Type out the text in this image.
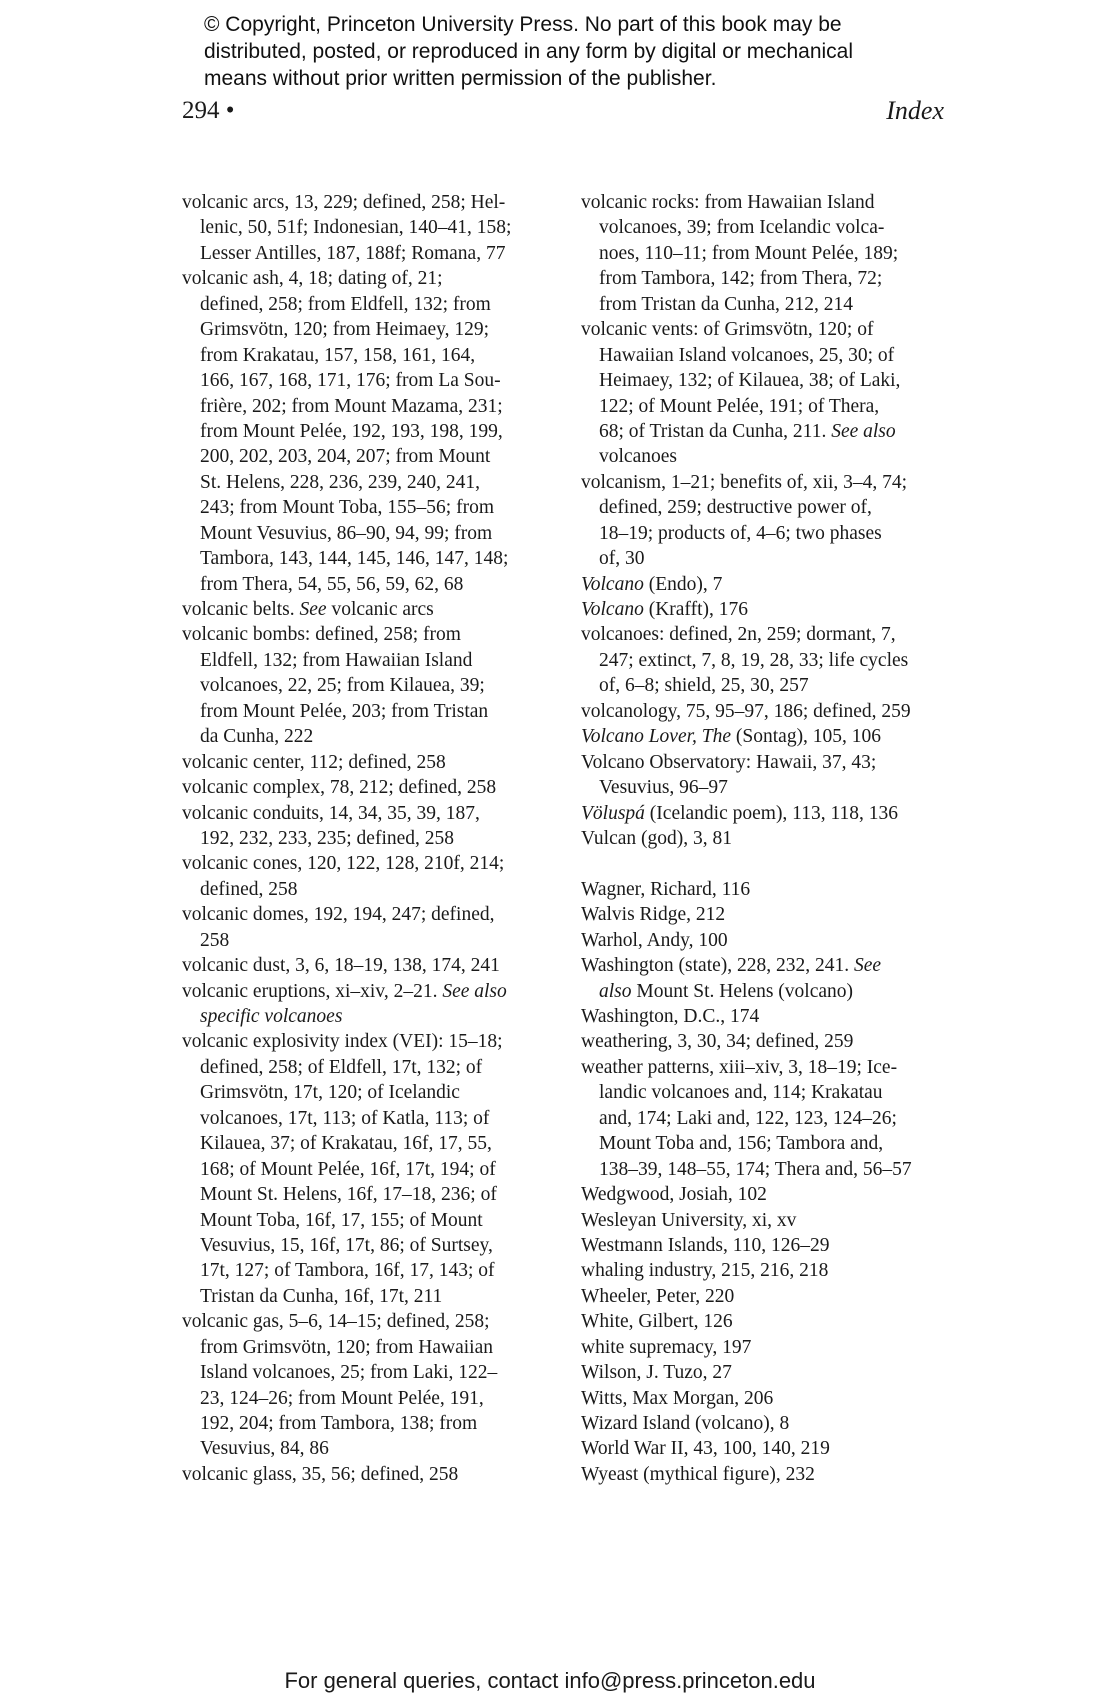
© Copyright, Princeton University Press. No part of this book may be
distributed, posted, or reproduced in any form by digital or mechanical
means without prior written permission of the publisher.
294 •	Index
volcanic arcs, 13, 229; defined, 258; Hel-
lenic, 50, 51f; Indonesian, 140–41, 158;
Lesser Antilles, 187, 188f; Romana, 77
volcanic ash, 4, 18; dating of, 21;
defined, 258; from Eldfell, 132; from
Grimsvötn, 120; from Heimaey, 129;
from Krakatau, 157, 158, 161, 164,
166, 167, 168, 171, 176; from La Sou-
frière, 202; from Mount Mazama, 231;
from Mount Pelée, 192, 193, 198, 199,
200, 202, 203, 204, 207; from Mount
St. Helens, 228, 236, 239, 240, 241,
243; from Mount Toba, 155–56; from
Mount Vesuvius, 86–90, 94, 99; from
Tambora, 143, 144, 145, 146, 147, 148;
from Thera, 54, 55, 56, 59, 62, 68
volcanic belts. See volcanic arcs
volcanic bombs: defined, 258; from
Eldfell, 132; from Hawaiian Island
volcanoes, 22, 25; from Kilauea, 39;
from Mount Pelée, 203; from Tristan
da Cunha, 222
volcanic center, 112; defined, 258
volcanic complex, 78, 212; defined, 258
volcanic conduits, 14, 34, 35, 39, 187,
192, 232, 233, 235; defined, 258
volcanic cones, 120, 122, 128, 210f, 214;
defined, 258
volcanic domes, 192, 194, 247; defined,
258
volcanic dust, 3, 6, 18–19, 138, 174, 241
volcanic eruptions, xi–xiv, 2–21. See also
specific volcanoes
volcanic explosivity index (VEI): 15–18;
defined, 258; of Eldfell, 17t, 132; of
Grimsvötn, 17t, 120; of Icelandic
volcanoes, 17t, 113; of Katla, 113; of
Kilauea, 37; of Krakatau, 16f, 17, 55,
168; of Mount Pelée, 16f, 17t, 194; of
Mount St. Helens, 16f, 17–18, 236; of
Mount Toba, 16f, 17, 155; of Mount
Vesuvius, 15, 16f, 17t, 86; of Surtsey,
17t, 127; of Tambora, 16f, 17, 143; of
Tristan da Cunha, 16f, 17t, 211
volcanic gas, 5–6, 14–15; defined, 258;
from Grimsvötn, 120; from Hawaiian
Island volcanoes, 25; from Laki, 122–
23, 124–26; from Mount Pelée, 191,
192, 204; from Tambora, 138; from
Vesuvius, 84, 86
volcanic glass, 35, 56; defined, 258
volcanic rocks: from Hawaiian Island
volcanoes, 39; from Icelandic volca-
noes, 110–11; from Mount Pelée, 189;
from Tambora, 142; from Thera, 72;
from Tristan da Cunha, 212, 214
volcanic vents: of Grimsvötn, 120; of
Hawaiian Island volcanoes, 25, 30; of
Heimaey, 132; of Kilauea, 38; of Laki,
122; of Mount Pelée, 191; of Thera,
68; of Tristan da Cunha, 211. See also
volcanoes
volcanism, 1–21; benefits of, xii, 3–4, 74;
defined, 259; destructive power of,
18–19; products of, 4–6; two phases
of, 30
Volcano (Endo), 7
Volcano (Krafft), 176
volcanoes: defined, 2n, 259; dormant, 7,
247; extinct, 7, 8, 19, 28, 33; life cycles
of, 6–8; shield, 25, 30, 257
volcanology, 75, 95–97, 186; defined, 259
Volcano Lover, The (Sontag), 105, 106
Volcano Observatory: Hawaii, 37, 43;
Vesuvius, 96–97
Völuspá (Icelandic poem), 113, 118, 136
Vulcan (god), 3, 81
Wagner, Richard, 116
Walvis Ridge, 212
Warhol, Andy, 100
Washington (state), 228, 232, 241. See
also Mount St. Helens (volcano)
Washington, D.C., 174
weathering, 3, 30, 34; defined, 259
weather patterns, xiii–xiv, 3, 18–19; Ice-
landic volcanoes and, 114; Krakatau
and, 174; Laki and, 122, 123, 124–26;
Mount Toba and, 156; Tambora and,
138–39, 148–55, 174; Thera and, 56–57
Wedgwood, Josiah, 102
Wesleyan University, xi, xv
Westmann Islands, 110, 126–29
whaling industry, 215, 216, 218
Wheeler, Peter, 220
White, Gilbert, 126
white supremacy, 197
Wilson, J. Tuzo, 27
Witts, Max Morgan, 206
Wizard Island (volcano), 8
World War II, 43, 100, 140, 219
Wyeast (mythical figure), 232
For general queries, contact info@press.princeton.edu
